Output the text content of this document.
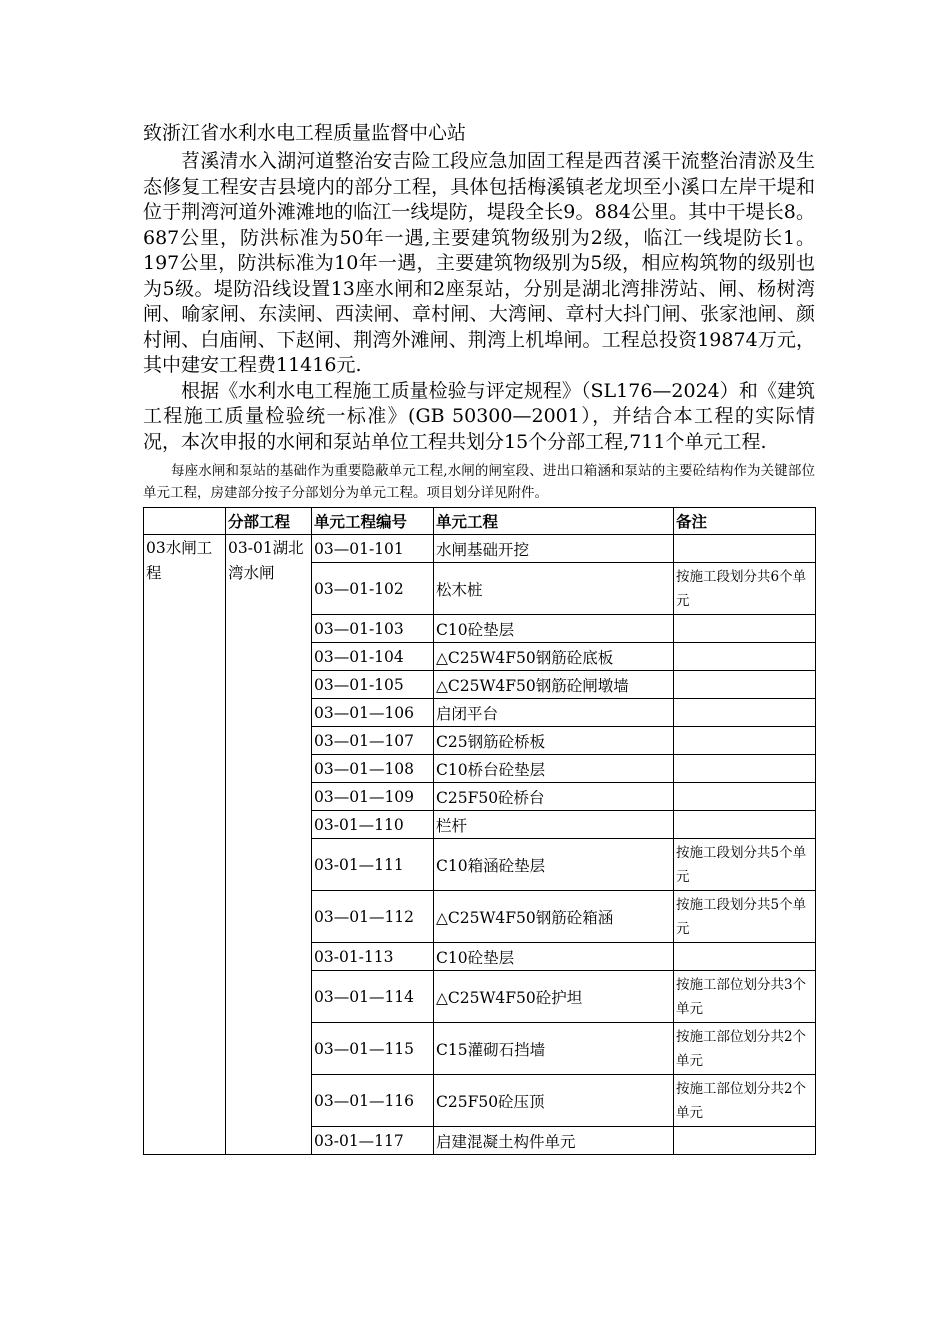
致浙江省水利水电工程质量监督中心站

苕溪清水入湖河道整治安吉险工段应急加固工程是西苕溪干流整治清淤及生态修复工程安吉县境内的部分工程，具体包括梅溪镇老龙坝至小溪口左岸干堤和位于荆湾河道外滩滩地的临江一线堤防，堤段全长9。884公里。其中干堤长8。687公里，防洪标准为50年一遇,主要建筑物级别为2级，临江一线堤防长1。197公里，防洪标准为10年一遇，主要建筑物级别为5级，相应构筑物的级别也为5级。堤防沿线设置13座水闸和2座泵站，分别是湖北湾排涝站、闸、杨树湾闸、喻家闸、东渎闸、西渎闸、章村闸、大湾闸、章村大抖门闸、张家池闸、颜村闸、白庙闸、下赵闸、荆湾外滩闸、荆湾上机埠闸。工程总投资19874万元，其中建安工程费11416元.

根据《水利水电工程施工质量检验与评定规程》（SL176—2024）和《建筑工程施工质量检验统一标准》(GB 50300—2001），并结合本工程的实际情况，本次申报的水闸和泵站单位工程共划分15个分部工程,711个单元工程.

每座水闸和泵站的基础作为重要隐蔽单元工程,水闸的闸室段、进出口箱涵和泵站的主要砼结构作为关键部位单元工程，房建部分按子分部划分为单元工程。项目划分详见附件。

	分部工程	单元工程编号	单元工程	备注
03水闸工程	03-01湖北湾水闸	03—01-101	水闸基础开挖	
		03—01-102	松木桩	按施工段划分共6个单元
		03—01-103	C10砼垫层	
		03—01-104	△C25W4F50钢筋砼底板	
		03—01-105	△C25W4F50钢筋砼闸墩墙	
		03—01—106	启闭平台	
		03—01—107	C25钢筋砼桥板	
		03—01—108	C10桥台砼垫层	
		03—01—109	C25F50砼桥台	
		03-01—110	栏杆	
		03-01—111	C10箱涵砼垫层	按施工段划分共5个单元
		03—01—112	△C25W4F50钢筋砼箱涵	按施工段划分共5个单元
		03-01-113	C10砼垫层	
		03—01—114	△C25W4F50砼护坦	按施工部位划分共3个单元
		03—01—115	C15灌砌石挡墙	按施工部位划分共2个单元
		03—01—116	C25F50砼压顶	按施工部位划分共2个单元
		03-01—117	启建混凝土构件单元	
